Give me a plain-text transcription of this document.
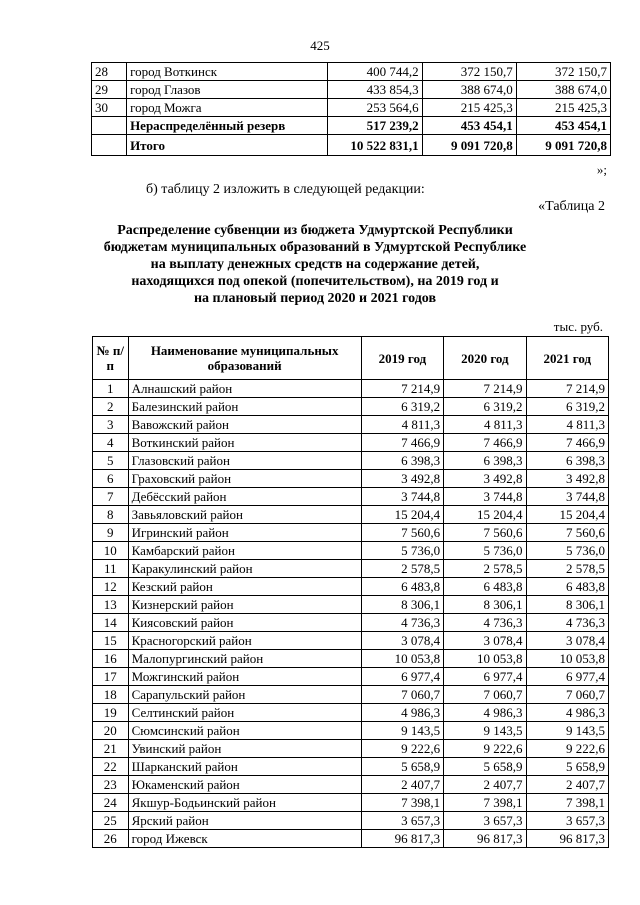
425
28	город Воткинск	400 744,2	372 150,7	372 150,7
29	город Глазов	433 854,3	388 674,0	388 674,0
30	город Можга	253 564,6	215 425,3	215 425,3
	Нераспределённый резерв	517 239,2	453 454,1	453 454,1
	Итого	10 522 831,1	9 091 720,8	9 091 720,8
»;
б) таблицу 2 изложить в следующей редакции:
«Таблица 2
Распределение субвенции из бюджета Удмуртской Республики
бюджетам муниципальных образований в Удмуртской Республике
на выплату денежных средств на содержание детей,
находящихся под опекой (попечительством), на 2019 год и
на плановый период 2020 и 2021 годов
тыс. руб.
№ п/п	Наименование муниципальных образований	2019 год	2020 год	2021 год
1	Алнашский район	7 214,9	7 214,9	7 214,9
2	Балезинский район	6 319,2	6 319,2	6 319,2
3	Вавожский район	4 811,3	4 811,3	4 811,3
4	Воткинский район	7 466,9	7 466,9	7 466,9
5	Глазовский район	6 398,3	6 398,3	6 398,3
6	Граховский район	3 492,8	3 492,8	3 492,8
7	Дебёсский район	3 744,8	3 744,8	3 744,8
8	Завьяловский район	15 204,4	15 204,4	15 204,4
9	Игринский район	7 560,6	7 560,6	7 560,6
10	Камбарский район	5 736,0	5 736,0	5 736,0
11	Каракулинский район	2 578,5	2 578,5	2 578,5
12	Кезский район	6 483,8	6 483,8	6 483,8
13	Кизнерский район	8 306,1	8 306,1	8 306,1
14	Киясовский район	4 736,3	4 736,3	4 736,3
15	Красногорский район	3 078,4	3 078,4	3 078,4
16	Малопургинский район	10 053,8	10 053,8	10 053,8
17	Можгинский район	6 977,4	6 977,4	6 977,4
18	Сарапульский район	7 060,7	7 060,7	7 060,7
19	Селтинский район	4 986,3	4 986,3	4 986,3
20	Сюмсинский район	9 143,5	9 143,5	9 143,5
21	Увинский район	9 222,6	9 222,6	9 222,6
22	Шарканский район	5 658,9	5 658,9	5 658,9
23	Юкаменский район	2 407,7	2 407,7	2 407,7
24	Якшур-Бодьинский район	7 398,1	7 398,1	7 398,1
25	Ярский район	3 657,3	3 657,3	3 657,3
26	город Ижевск	96 817,3	96 817,3	96 817,3
